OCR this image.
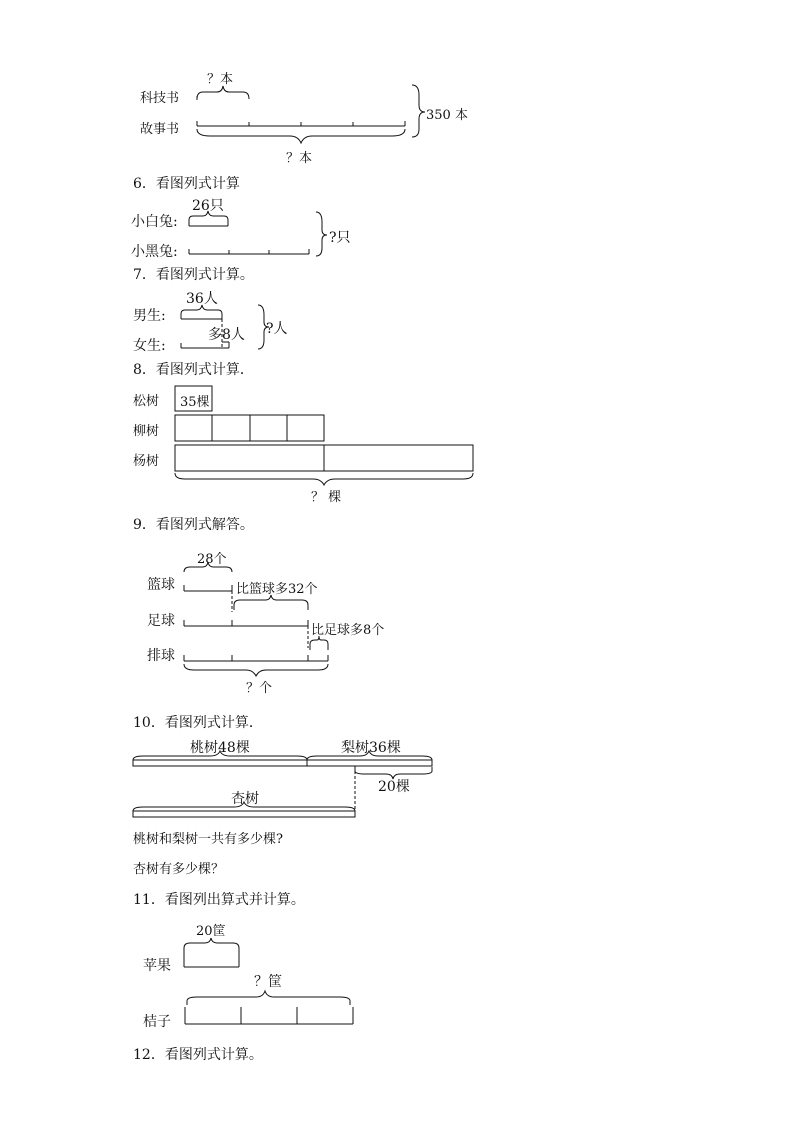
科技书
故事书
？本
？本
350 本
6．看图列式计算
小白兔:
小黑兔:
26只
?只
7．看图列式计算。
男生:
女生:
36人
多8人 ?人
8．看图列式计算．
松树
柳树
杨树
35棵
？ 棵
9．看图列式解答。
篮球
足球
排球
28个
比篮球多32个
比足球多8个
？个
10．看图列式计算．
桃树48棵	梨树36棵
20棵
杏树
桃树和梨树一共有多少棵?
杏树有多少棵？
11．看图列出算式并计算。
苹果
桔子
20筐
？筐
12．看图列式计算。
